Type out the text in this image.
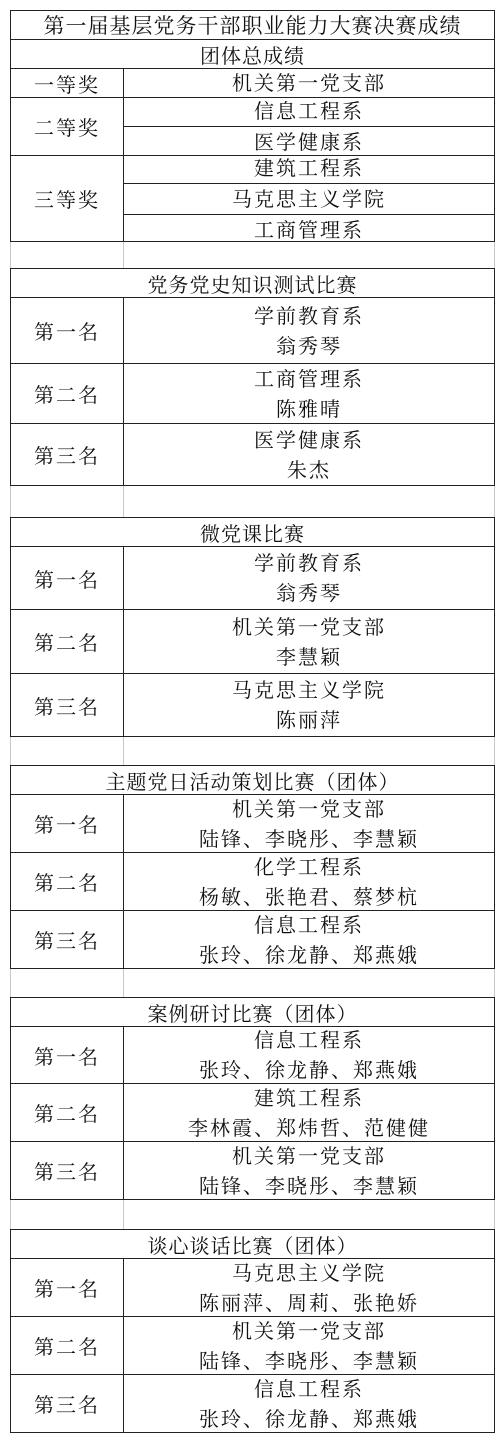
第一届基层党务干部职业能力大赛决赛成绩
团体总成绩
一等奖	机关第一党支部
二等奖
信息工程系
医学健康系
三等奖
建筑工程系
马克思主义学院
工商管理系
党务党史知识测试比赛
第一名
学前教育系
翁秀琴
第二名
工商管理系
陈雅晴
第三名
医学健康系
朱杰
微党课比赛
第一名
学前教育系
翁秀琴
第二名
机关第一党支部
李慧颖
第三名
马克思主义学院
陈丽萍
主题党日活动策划比赛（团体）
第一名
机关第一党支部
陆锋、李晓彤、李慧颖
第二名
化学工程系
杨敏、张艳君、蔡梦杭
第三名
信息工程系
张玲、徐龙静、郑燕娥
案例研讨比赛（团体）
第一名
信息工程系
张玲、徐龙静、郑燕娥
第二名
建筑工程系
李林霞、郑炜哲、范健健
第三名
机关第一党支部
陆锋、李晓彤、李慧颖
谈心谈话比赛（团体）
第一名
马克思主义学院
陈丽萍、周莉、张艳娇
第二名
机关第一党支部
陆锋、李晓彤、李慧颖
第三名
信息工程系
张玲、徐龙静、郑燕娥
